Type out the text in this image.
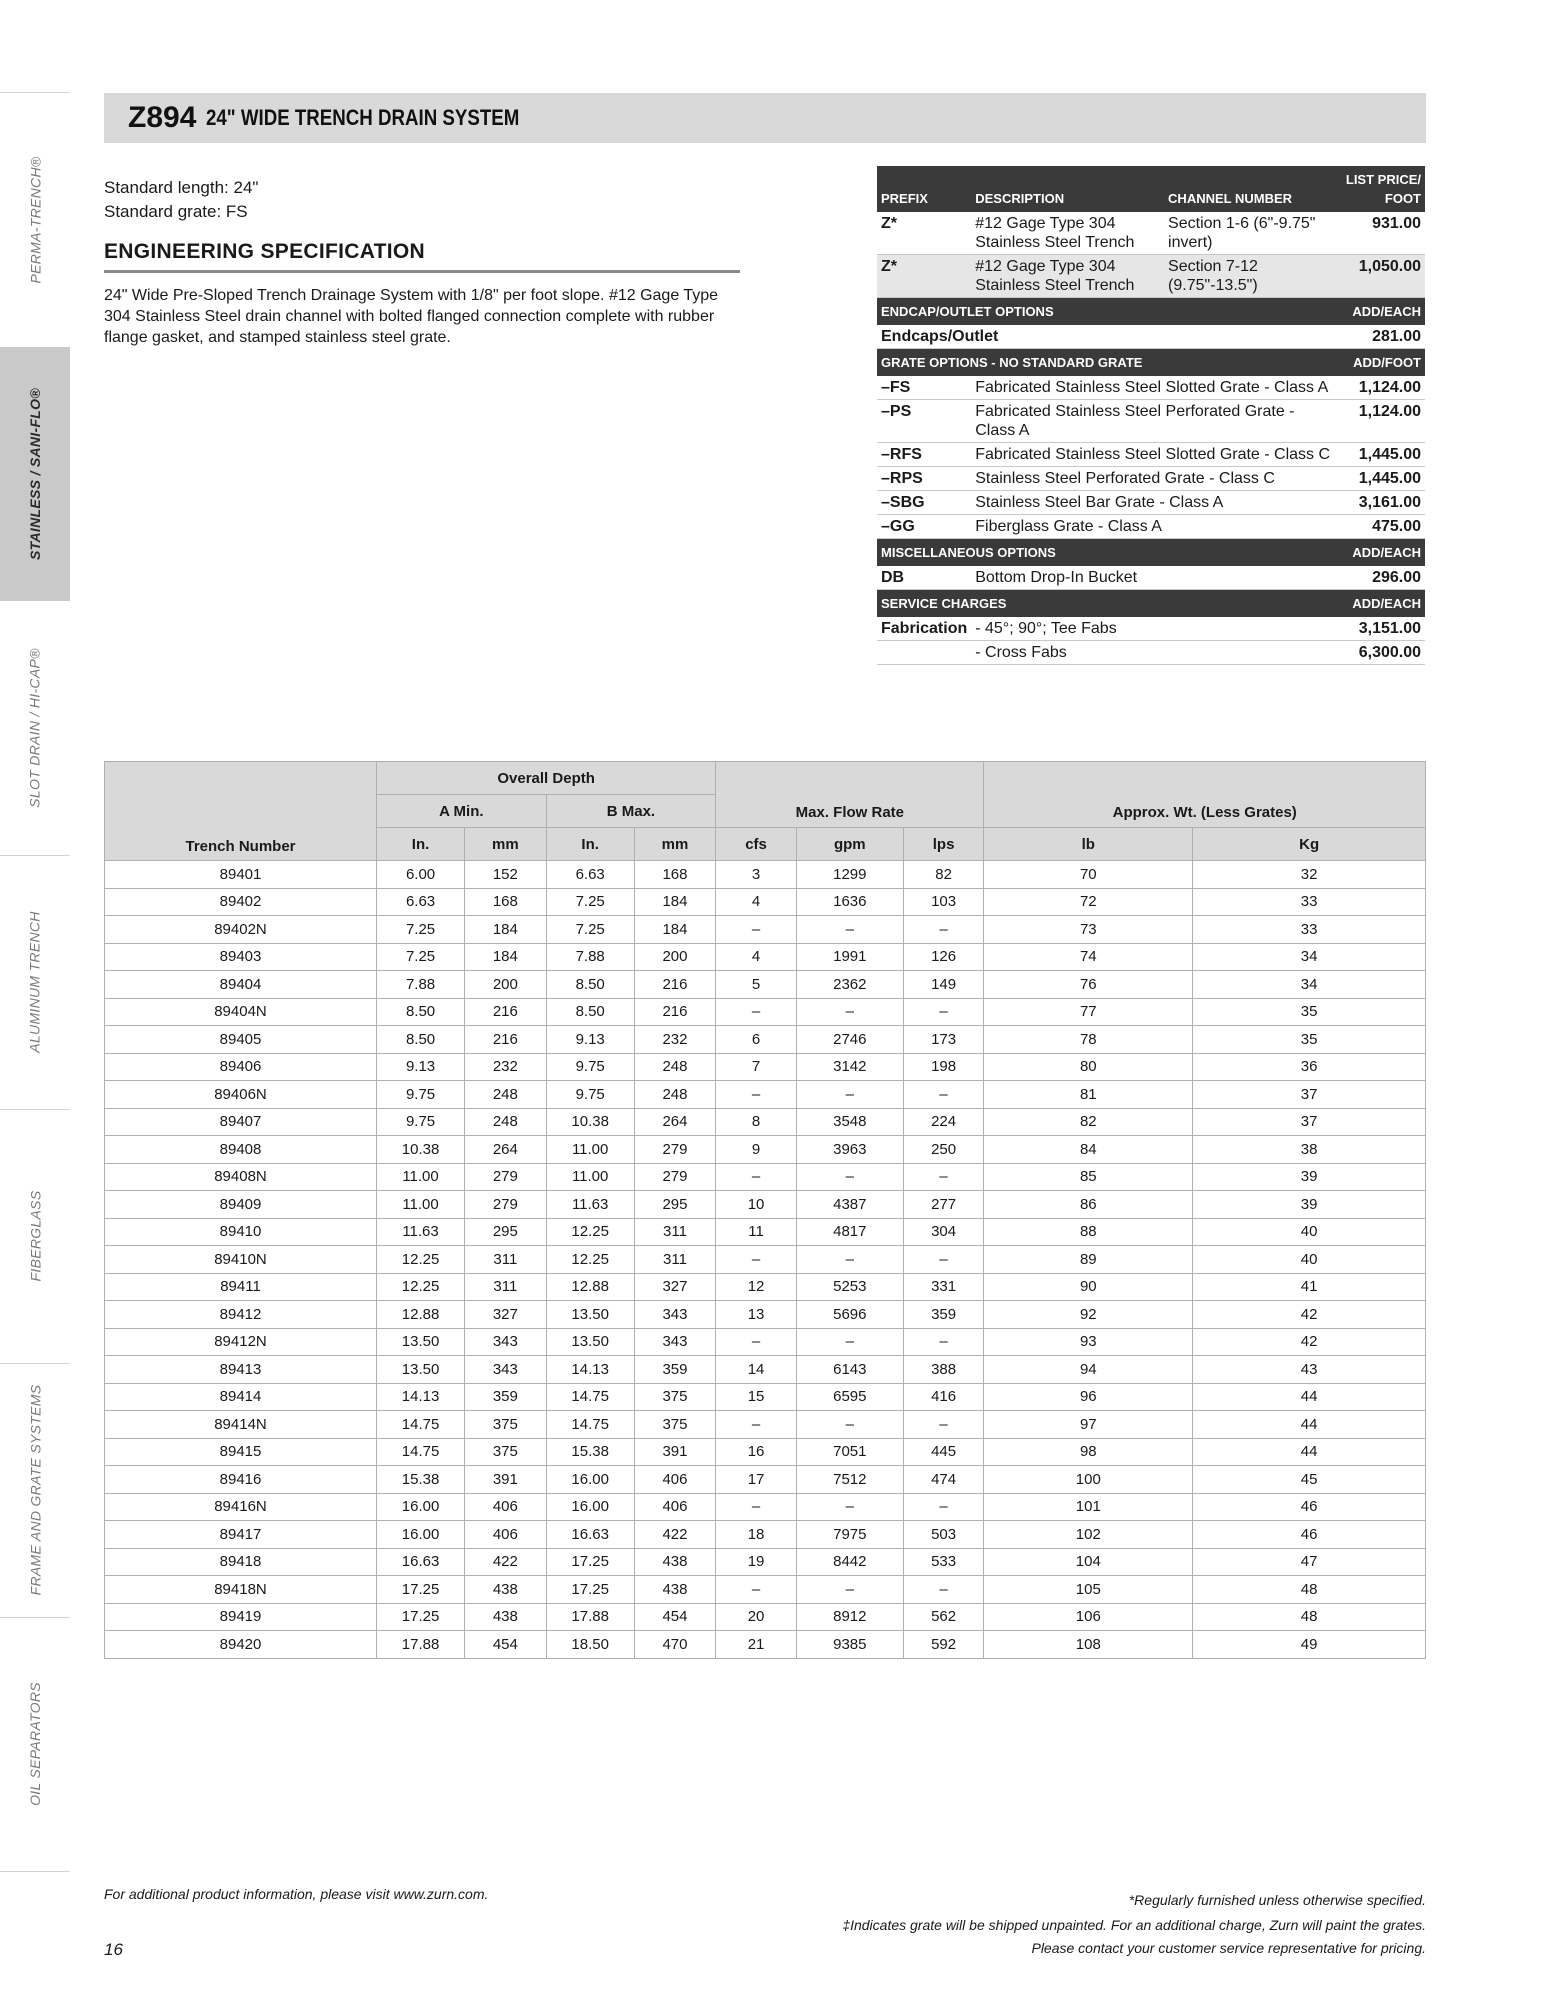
PERMA-TRENCH®
STAINLESS / SANI-FLO®
SLOT DRAIN / HI-CAP®
ALUMINUM TRENCH
FIBERGLASS
FRAME AND GRATE SYSTEMS
OIL SEPARATORS
Z894 24" WIDE TRENCH DRAIN SYSTEM
Standard length: 24"
Standard grate: FS
ENGINEERING SPECIFICATION
24" Wide Pre-Sloped Trench Drainage System with 1/8" per foot slope. #12 Gage Type 304 Stainless Steel drain channel with bolted flanged connection complete with rubber flange gasket, and stamped stainless steel grate.
PREFIX	DESCRIPTION	CHANNEL NUMBER	LIST PRICE/
FOOT
Z*	#12 Gage Type 304 Stainless Steel Trench	Section 1-6 (6"-9.75" invert)	931.00
Z*	#12 Gage Type 304 Stainless Steel Trench	Section 7-12 (9.75"-13.5")	1,050.00
ENDCAP/OUTLET OPTIONS			ADD/EACH
Endcaps/Outlet			281.00
GRATE OPTIONS - NO STANDARD GRATE			ADD/FOOT
–FS	Fabricated Stainless Steel Slotted Grate - Class A		1,124.00
–PS	Fabricated Stainless Steel Perforated Grate - Class A		1,124.00
–RFS	Fabricated Stainless Steel Slotted Grate - Class C		1,445.00
–RPS	Stainless Steel Perforated Grate - Class C		1,445.00
–SBG	Stainless Steel Bar Grate - Class A		3,161.00
–GG	Fiberglass Grate - Class A		475.00
MISCELLANEOUS OPTIONS			ADD/EACH
DB	Bottom Drop-In Bucket		296.00
SERVICE CHARGES			ADD/EACH
Fabrication	- 45°; 90°; Tee Fabs		3,151.00
	- Cross Fabs		6,300.00
Trench Number	Overall Depth				Max. Flow Rate			Approx. Wt. (Less Grates)	
	A Min.		B Max.						
	In.	mm	In.	mm	cfs	gpm	lps	lb	Kg
89401	6.00	152	6.63	168	3	1299	82	70	32
89402	6.63	168	7.25	184	4	1636	103	72	33
89402N	7.25	184	7.25	184	–	–	–	73	33
89403	7.25	184	7.88	200	4	1991	126	74	34
89404	7.88	200	8.50	216	5	2362	149	76	34
89404N	8.50	216	8.50	216	–	–	–	77	35
89405	8.50	216	9.13	232	6	2746	173	78	35
89406	9.13	232	9.75	248	7	3142	198	80	36
89406N	9.75	248	9.75	248	–	–	–	81	37
89407	9.75	248	10.38	264	8	3548	224	82	37
89408	10.38	264	11.00	279	9	3963	250	84	38
89408N	11.00	279	11.00	279	–	–	–	85	39
89409	11.00	279	11.63	295	10	4387	277	86	39
89410	11.63	295	12.25	311	11	4817	304	88	40
89410N	12.25	311	12.25	311	–	–	–	89	40
89411	12.25	311	12.88	327	12	5253	331	90	41
89412	12.88	327	13.50	343	13	5696	359	92	42
89412N	13.50	343	13.50	343	–	–	–	93	42
89413	13.50	343	14.13	359	14	6143	388	94	43
89414	14.13	359	14.75	375	15	6595	416	96	44
89414N	14.75	375	14.75	375	–	–	–	97	44
89415	14.75	375	15.38	391	16	7051	445	98	44
89416	15.38	391	16.00	406	17	7512	474	100	45
89416N	16.00	406	16.00	406	–	–	–	101	46
89417	16.00	406	16.63	422	18	7975	503	102	46
89418	16.63	422	17.25	438	19	8442	533	104	47
89418N	17.25	438	17.25	438	–	–	–	105	48
89419	17.25	438	17.88	454	20	8912	562	106	48
89420	17.88	454	18.50	470	21	9385	592	108	49
For additional product information, please visit www.zurn.com.	*Regularly furnished unless otherwise specified.
‡Indicates grate will be shipped unpainted. For an additional charge, Zurn will paint the grates.
Please contact your customer service representative for pricing.
16
